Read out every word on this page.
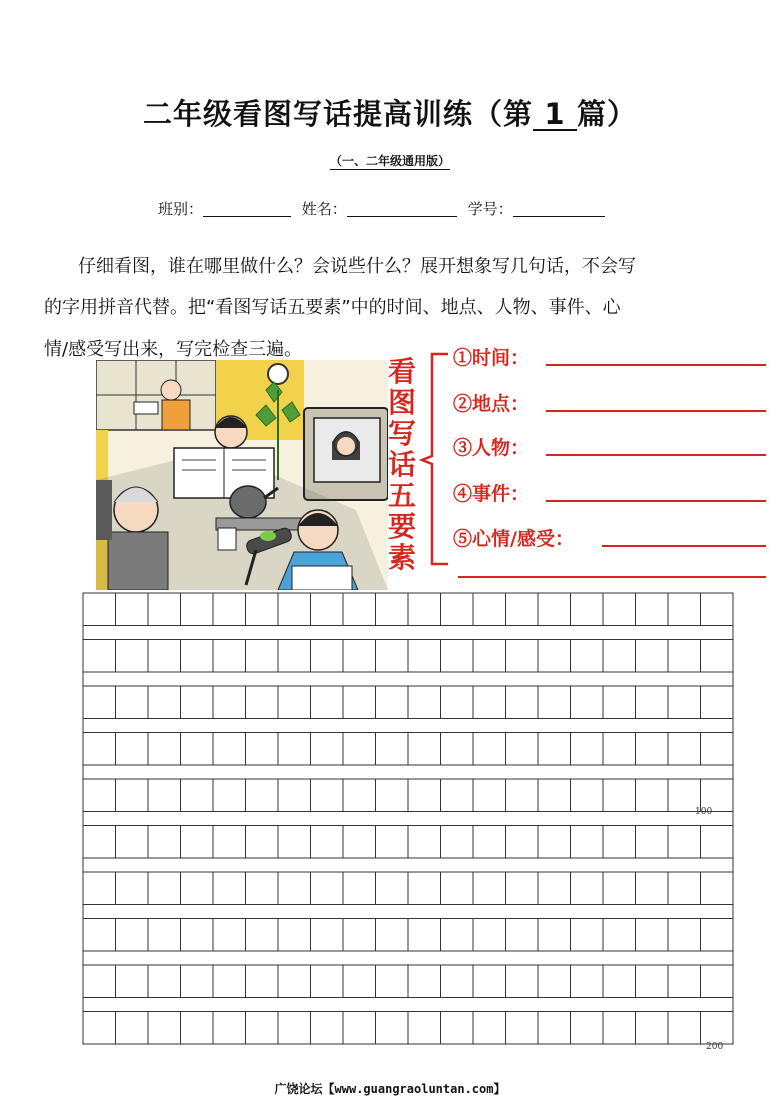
二年级看图写话提高训练（第 1 篇）
（一、二年级通用版）
班别：	姓名：	学号：
仔细看图，谁在哪里做什么？会说些什么？展开想象写几句话，不会写
的字用拼音代替。把“看图写话五要素”中的时间、地点、人物、事件、心
情/感受写出来，写完检查三遍。
看
图
写
话
五
要
素
①时间：
②地点：
③人物：
④事件：
⑤心情/感受：
100
200
广饶论坛【www.guangraoluntan.com】
